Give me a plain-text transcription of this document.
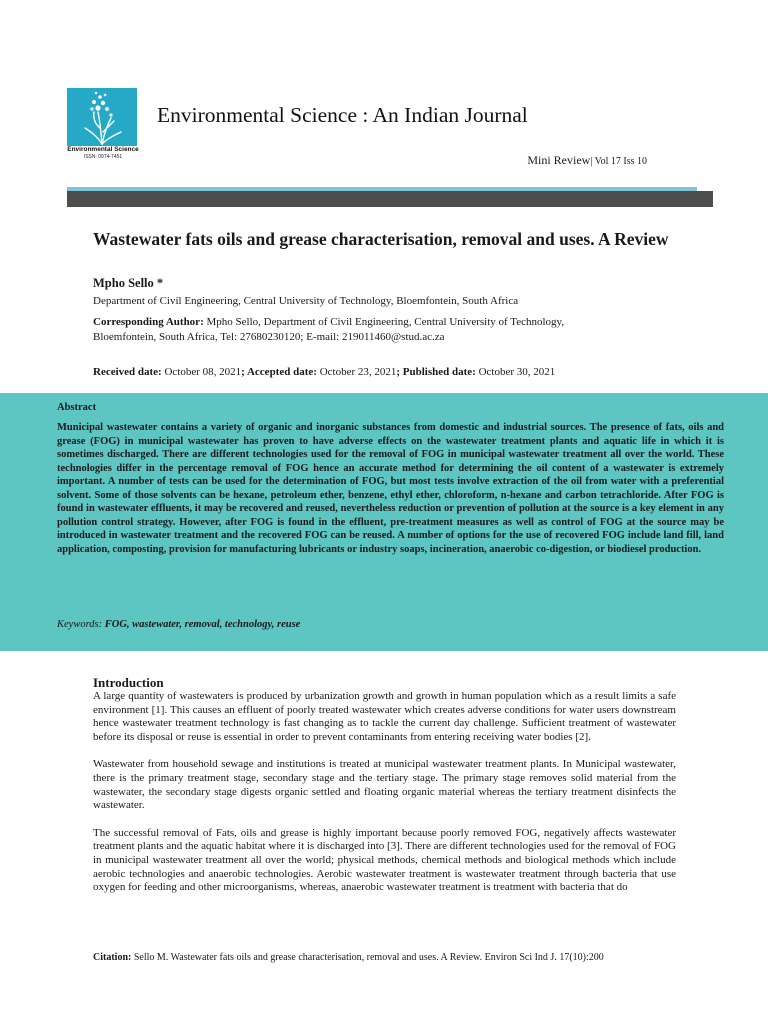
Environmental Science
ISSN: 0974-7451
Environmental Science : An Indian Journal
Mini Review| Vol 17 Iss 10
Wastewater fats oils and grease characterisation, removal and uses. A Review
Mpho Sello *
Department of Civil Engineering, Central University of Technology, Bloemfontein, South Africa
Corresponding Author: Mpho Sello, Department of Civil Engineering, Central University of Technology, Bloemfontein, South Africa, Tel: 27680230120; E-mail: 219011460@stud.ac.za
Received date: October 08, 2021; Accepted date: October 23, 2021; Published date: October 30, 2021
Abstract

Municipal wastewater contains a variety of organic and inorganic substances from domestic and industrial sources. The presence of fats, oils and grease (FOG) in municipal wastewater has proven to have adverse effects on the wastewater treatment plants and aquatic life in which it is sometimes discharged. There are different technologies used for the removal of FOG in municipal wastewater treatment all over the world. These technologies differ in the percentage removal of FOG hence an accurate method for determining the oil content of a wastewater is extremely important. A number of tests can be used for the determination of FOG, but most tests involve extraction of the oil from water with a preferential solvent. Some of those solvents can be hexane, petroleum ether, benzene, ethyl ether, chloroform, n-hexane and carbon tetrachloride. After FOG is found in wastewater effluents, it may be recovered and reused, nevertheless reduction or prevention of pollution at the source is a key element in any pollution control strategy. However, after FOG is found in the effluent, pre-treatment measures as well as control of FOG at the source may be introduced in wastewater treatment and the recovered FOG can be reused. A number of options for the use of recovered FOG include land fill, land application, composting, provision for manufacturing lubricants or industry soaps, incineration, anaerobic co-digestion, or biodiesel production.

Keywords: FOG, wastewater, removal, technology, reuse
Introduction

A large quantity of wastewaters is produced by urbanization growth and growth in human population which as a result limits a safe environment [1]. This causes an effluent of poorly treated wastewater which creates adverse conditions for water users downstream hence wastewater treatment technology is fast changing as to tackle the current day challenge. Sufficient treatment of wastewater before its disposal or reuse is essential in order to prevent contaminants from entering receiving water bodies [2].

Wastewater from household sewage and institutions is treated at municipal wastewater treatment plants. In Municipal wastewater, there is the primary treatment stage, secondary stage and the tertiary stage. The primary stage removes solid material from the wastewater, the secondary stage digests organic settled and floating organic material whereas the tertiary treatment disinfects the wastewater.

The successful removal of Fats, oils and grease is highly important because poorly removed FOG, negatively affects wastewater treatment plants and the aquatic habitat where it is discharged into [3]. There are different technologies used for the removal of FOG in municipal wastewater treatment all over the world; physical methods, chemical methods and biological methods which include aerobic technologies and anaerobic technologies. Aerobic wastewater treatment is wastewater treatment through bacteria that use oxygen for feeding and other microorganisms, whereas, anaerobic wastewater treatment is treatment with bacteria that do

Citation: Sello M. Wastewater fats oils and grease characterisation, removal and uses. A Review. Environ Sci Ind J. 17(10):200
